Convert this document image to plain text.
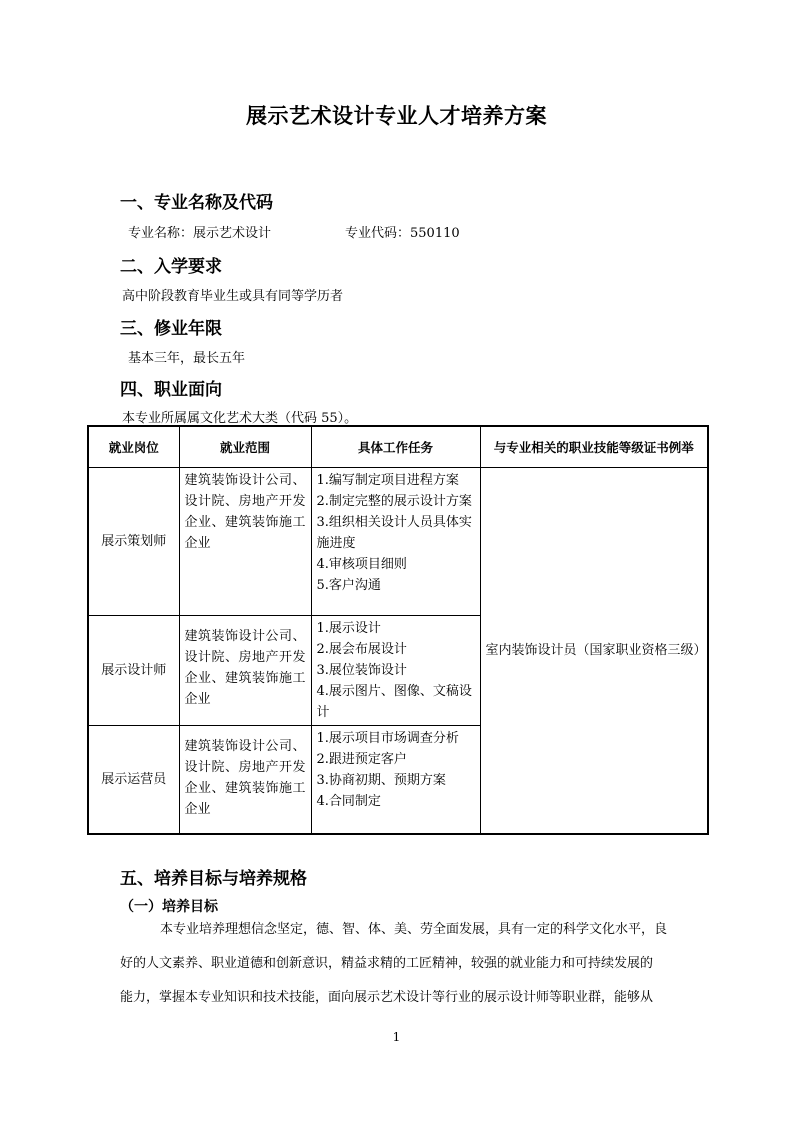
展示艺术设计专业人才培养方案
一、专业名称及代码
专业名称：展示艺术设计	专业代码：550110
二、入学要求
高中阶段教育毕业生或具有同等学历者
三、修业年限
基本三年，最长五年
四、职业面向
本专业所属属文化艺术大类（代码 55）。
就业岗位	就业范围	具体工作任务	与专业相关的职业技能等级证书例举
展示策划师	建筑装饰设计公司、设计院、房地产开发企业、建筑装饰施工企业	1.编写制定项目进程方案
2.制定完整的展示设计方案
3.组织相关设计人员具体实施进度
4.审核项目细则
5.客户沟通	室内装饰设计员（国家职业资格三级）
展示设计师	建筑装饰设计公司、设计院、房地产开发企业、建筑装饰施工企业	1.展示设计
2.展会布展设计
3.展位装饰设计
4.展示图片、图像、文稿设计	

展示运营员	建筑装饰设计公司、设计院、房地产开发企业、建筑装饰施工企业	1.展示项目市场调查分析
2.跟进预定客户
3.协商初期、预期方案
4.合同制定	
五、培养目标与培养规格
（一）培养目标
本专业培养理想信念坚定，德、智、体、美、劳全面发展，具有一定的科学文化水平，良
好的人文素养、职业道德和创新意识，精益求精的工匠精神，较强的就业能力和可持续发展的
能力，掌握本专业知识和技术技能，面向展示艺术设计等行业的展示设计师等职业群，能够从
1
